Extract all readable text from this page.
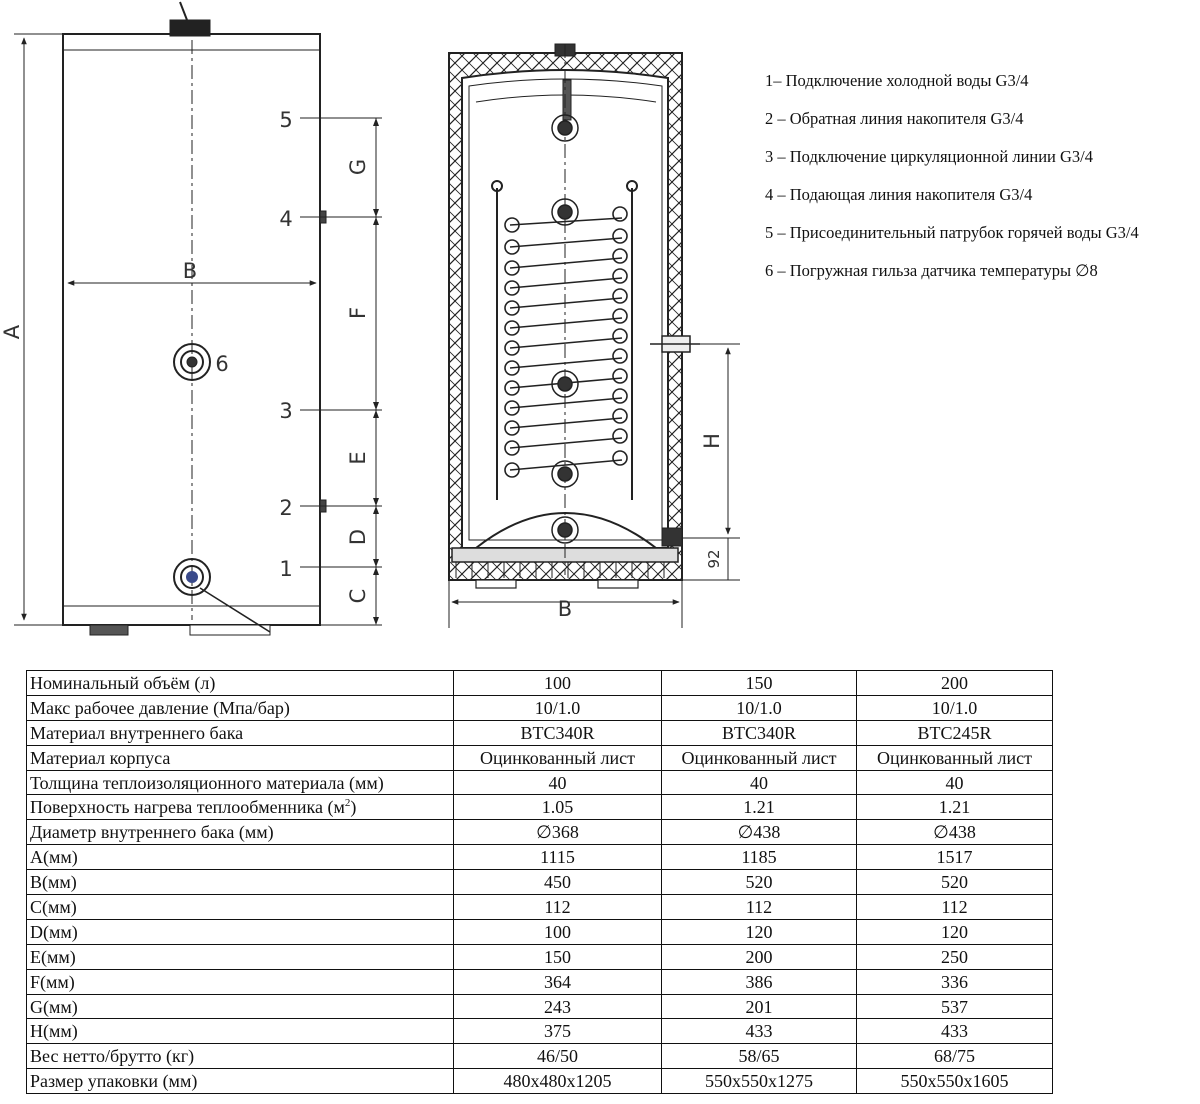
A
B
C
D
E
F
G
1
2
3
4
5
6
B
H
92
1– Подключение холодной воды G3/4
2 – Обратная линия накопителя G3/4
3 – Подключение циркуляционной линии G3/4
4 – Подающая линия накопителя G3/4
5 – Присоединительный патрубок горячей воды G3/4
6 – Погружная гильза датчика температуры ∅8
Номинальный объём (л)	100	150	200
Макс рабочее давление (Мпа/бар)	10/1.0	10/1.0	10/1.0
Материал внутреннего бака	BTC340R	BTC340R	BTC245R
Материал корпуса	Оцинкованный лист	Оцинкованный лист	Оцинкованный лист
Толщина теплоизоляционного материала (мм)	40	40	40
Поверхность нагрева теплообменника $(м^2)$	1.05	1.21	1.21
Диаметр внутреннего бака (мм)	∅368	∅438	∅438
A(мм)	1115	1185	1517
B(мм)	450	520	520
C(мм)	112	112	112
D(мм)	100	120	120
E(мм)	150	200	250
F(мм)	364	386	336
G(мм)	243	201	537
H(мм)	375	433	433
Вес нетто/брутто (кг)	46/50	58/65	68/75
Размер упаковки (мм)	480x480x1205	550x550x1275	550x550x1605
